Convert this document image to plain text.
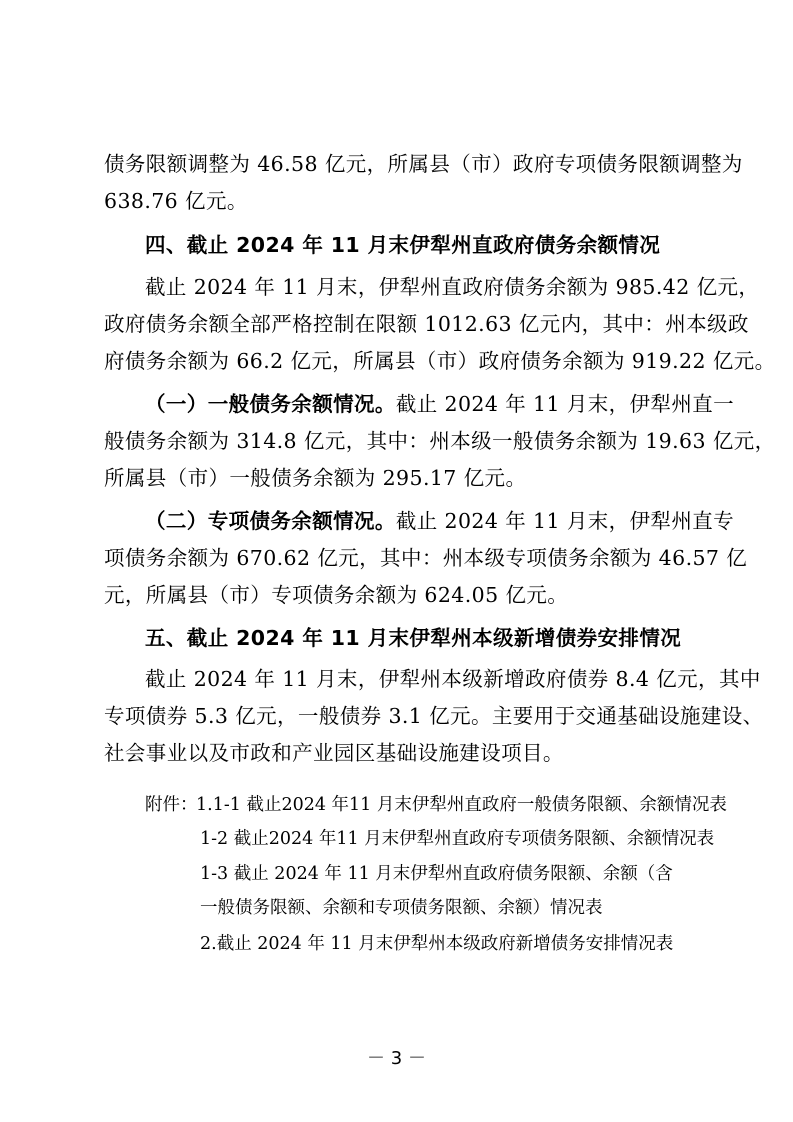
债务限额调整为 46.58 亿元，所属县（市）政府专项债务限额调整为
638.76 亿元。
四、截止 2024 年 11 月末伊犁州直政府债务余额情况
截止 2024 年 11 月末，伊犁州直政府债务余额为 985.42 亿元，
政府债务余额全部严格控制在限额 1012.63 亿元内，其中：州本级政
府债务余额为 66.2 亿元，所属县（市）政府债务余额为 919.22 亿元。
（一）一般债务余额情况。截止 2024 年 11 月末，伊犁州直一
般债务余额为 314.8 亿元，其中：州本级一般债务余额为 19.63 亿元，
所属县（市）一般债务余额为 295.17 亿元。
（二）专项债务余额情况。截止 2024 年 11 月末，伊犁州直专
项债务余额为 670.62 亿元，其中：州本级专项债务余额为 46.57 亿
元，所属县（市）专项债务余额为 624.05 亿元。
五、截止 2024 年 11 月末伊犁州本级新增债券安排情况
截止 2024 年 11 月末，伊犁州本级新增政府债券 8.4 亿元，其中
专项债券 5.3 亿元，一般债券 3.1 亿元。主要用于交通基础设施建设、
社会事业以及市政和产业园区基础设施建设项目。
附件：
1.1-1 截止2024 年11 月末伊犁州直政府一般债务限额、余额情况表
1-2 截止2024 年11 月末伊犁州直政府专项债务限额、余额情况表
1-3 截止 2024 年 11 月末伊犁州直政府债务限额、余额（含
一般债务限额、余额和专项债务限额、余额）情况表
2.截止 2024 年 11 月末伊犁州本级政府新增债务安排情况表
－ 3 －
